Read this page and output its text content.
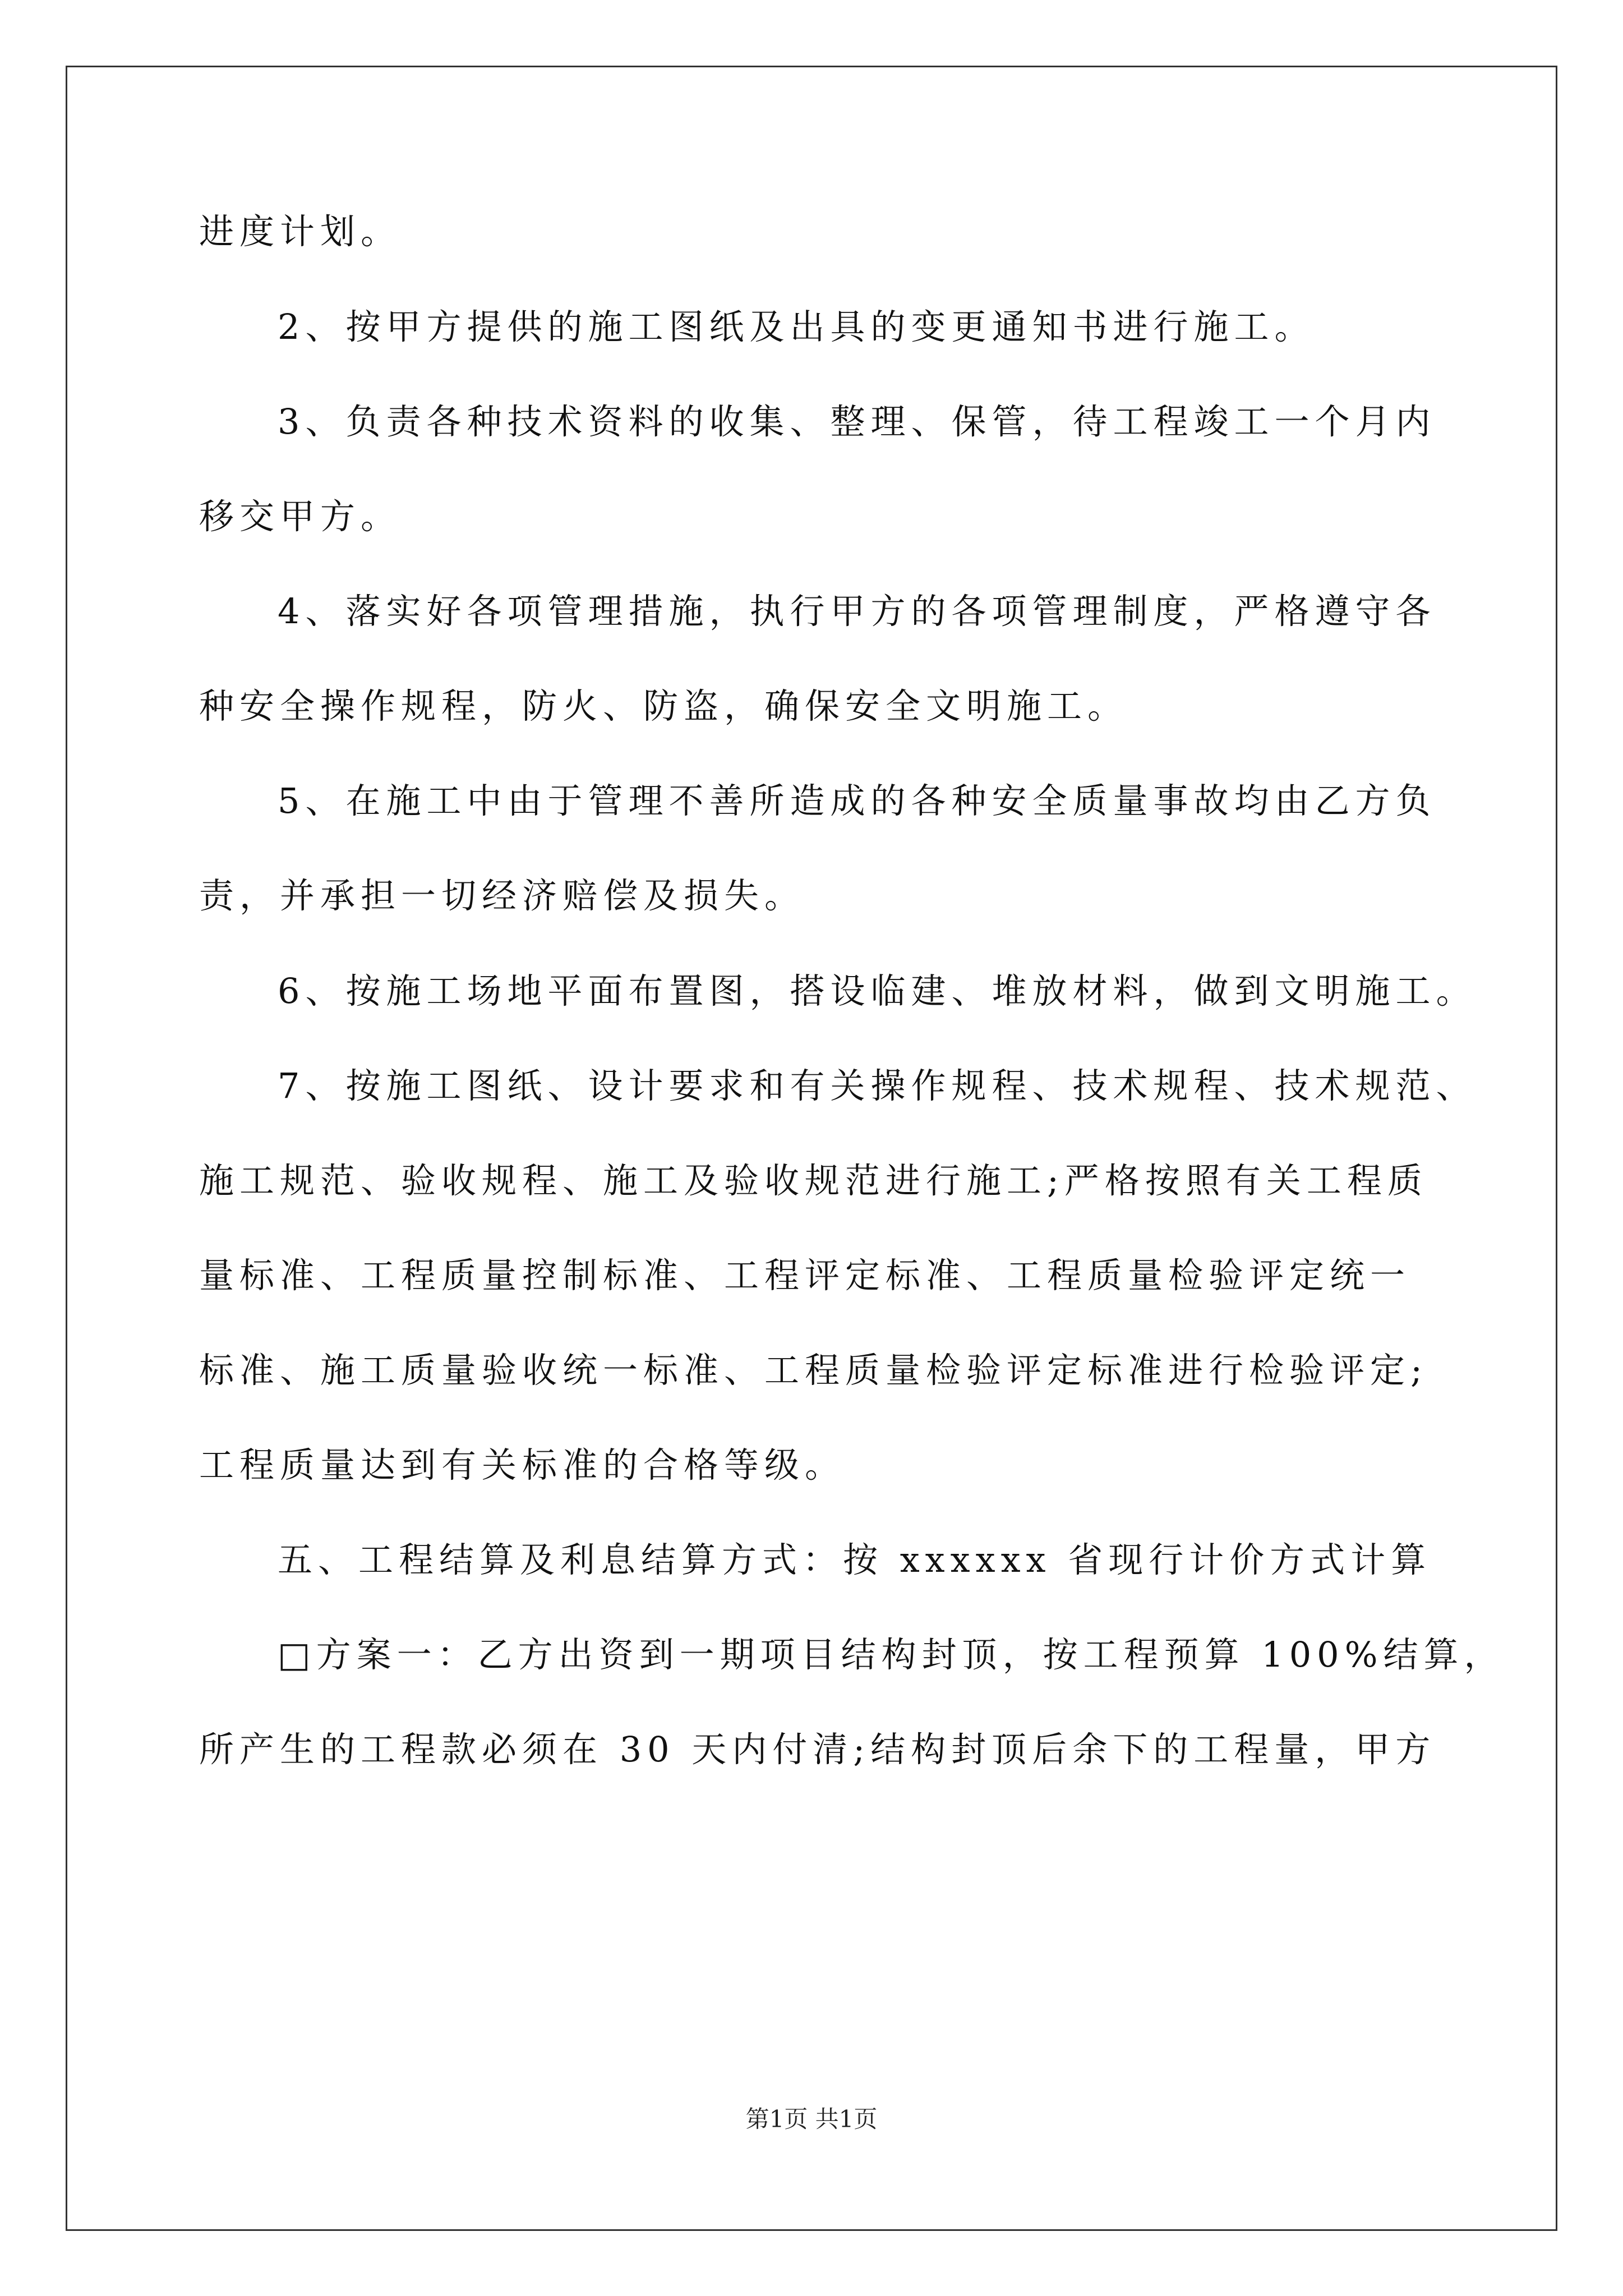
进度计划。

2、按甲方提供的施工图纸及出具的变更通知书进行施工。

3、负责各种技术资料的收集、整理、保管，待工程竣工一个月内

移交甲方。

4、落实好各项管理措施，执行甲方的各项管理制度，严格遵守各

种安全操作规程，防火、防盗，确保安全文明施工。

5、在施工中由于管理不善所造成的各种安全质量事故均由乙方负

责，并承担一切经济赔偿及损失。

6、按施工场地平面布置图，搭设临建、堆放材料，做到文明施工。

7、按施工图纸、设计要求和有关操作规程、技术规程、技术规范、

施工规范、验收规程、施工及验收规范进行施工;严格按照有关工程质

量标准、工程质量控制标准、工程评定标准、工程质量检验评定统一

标准、施工质量验收统一标准、工程质量检验评定标准进行检验评定;

工程质量达到有关标准的合格等级。

五、工程结算及利息结算方式：按 xxxxxx 省现行计价方式计算

□方案一：乙方出资到一期项目结构封顶，按工程预算 100%结算，

所产生的工程款必须在 30 天内付清;结构封顶后余下的工程量，甲方

第1页 共1页
